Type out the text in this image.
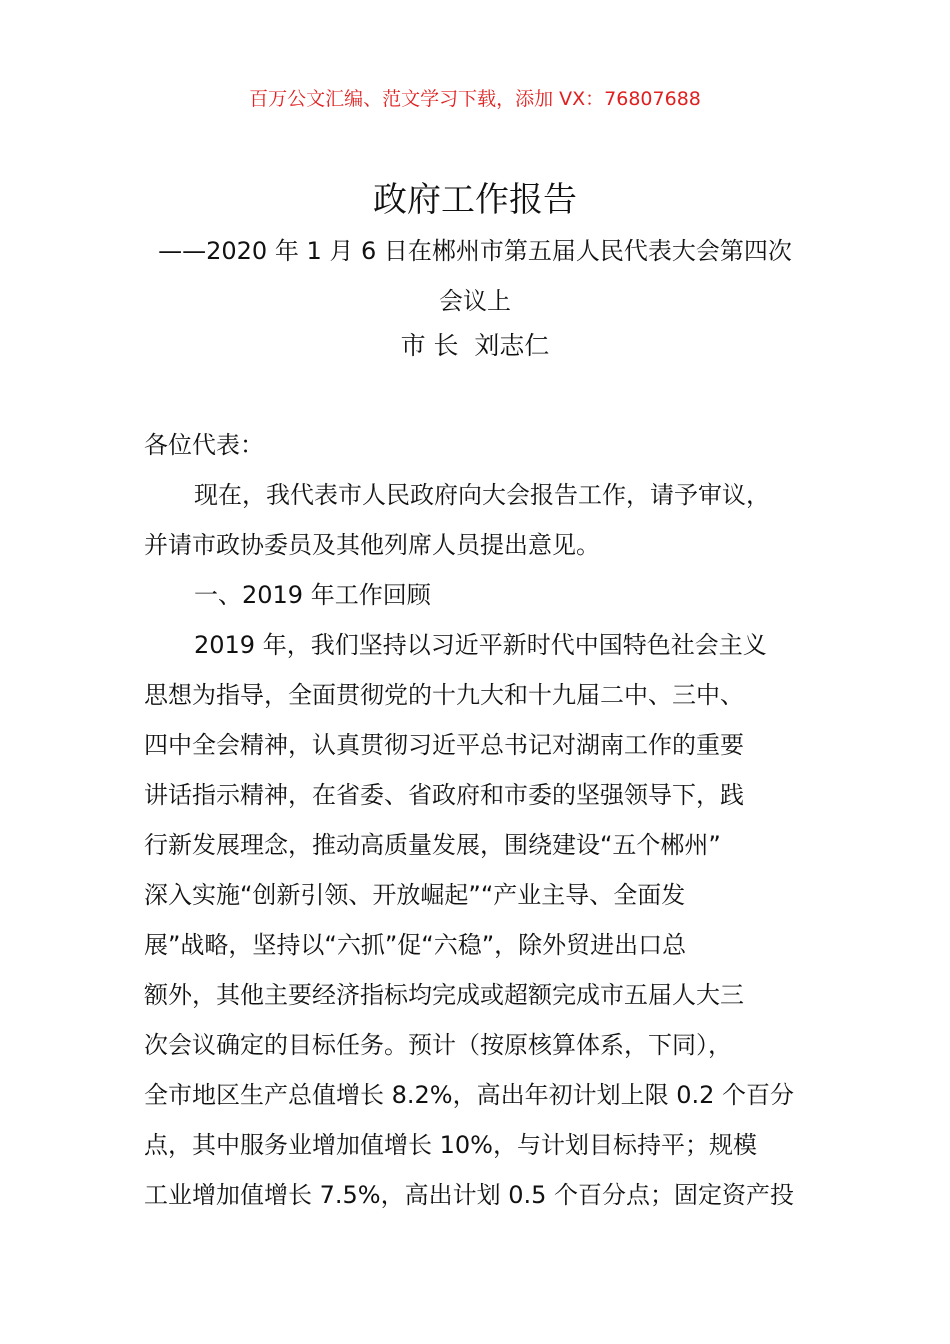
百万公文汇编、范文学习下载，添加 VX：76807688
政府工作报告
——2020 年 1 月 6 日在郴州市第五届人民代表大会第四次
会议上
市 长  刘志仁
各位代表：
现在，我代表市人民政府向大会报告工作，请予审议，
并请市政协委员及其他列席人员提出意见。
一、2019 年工作回顾
2019 年，我们坚持以习近平新时代中国特色社会主义
思想为指导，全面贯彻党的十九大和十九届二中、三中、
四中全会精神，认真贯彻习近平总书记对湖南工作的重要
讲话指示精神，在省委、省政府和市委的坚强领导下，践
行新发展理念，推动高质量发展，围绕建设“五个郴州”
深入实施“创新引领、开放崛起”“产业主导、全面发
展”战略，坚持以“六抓”促“六稳”，除外贸进出口总
额外，其他主要经济指标均完成或超额完成市五届人大三
次会议确定的目标任务。预计（按原核算体系，下同），
全市地区生产总值增长 8.2%，高出年初计划上限 0.2 个百分
点，其中服务业增加值增长 10%，与计划目标持平；规模
工业增加值增长 7.5%，高出计划 0.5 个百分点；固定资产投
